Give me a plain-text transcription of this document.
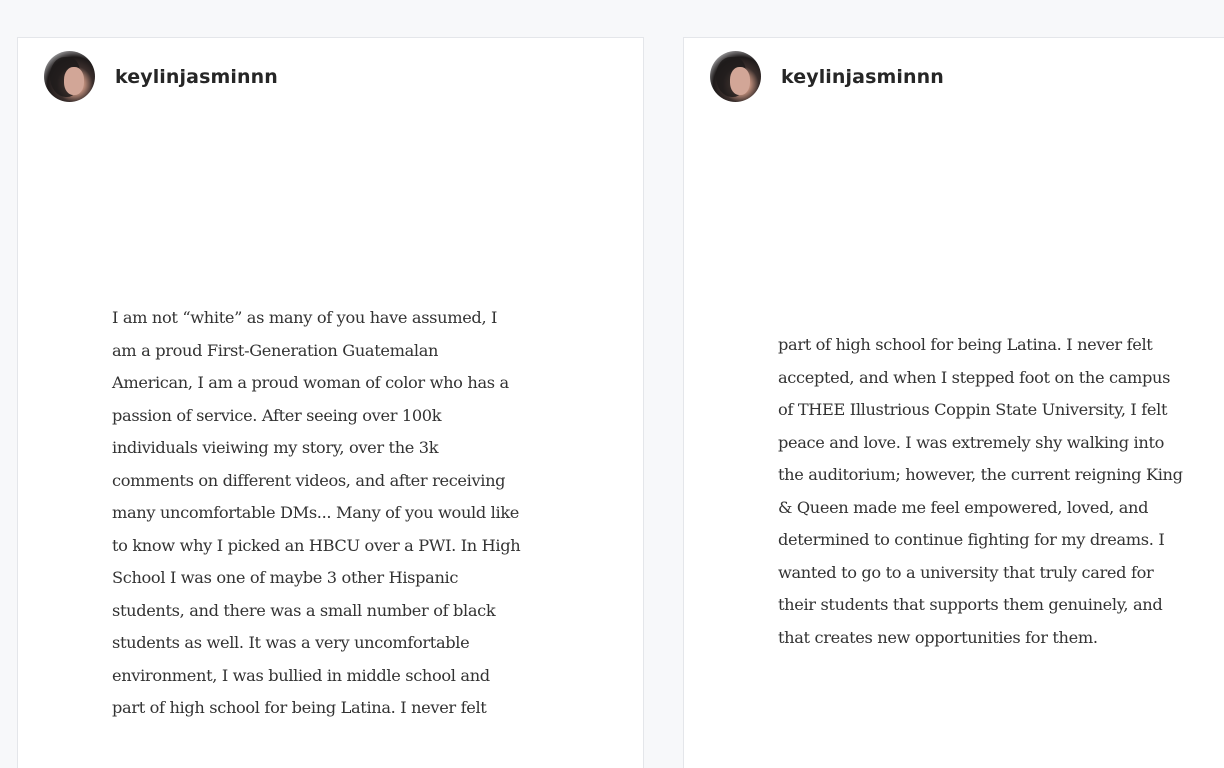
keylinjasminnn
I am not “white” as many of you have assumed, I
am a proud First-Generation Guatemalan
American, I am a proud woman of color who has a
passion of service. After seeing over 100k
individuals vieiwing my story, over the 3k
comments on different videos, and after receiving
many uncomfortable DMs... Many of you would like
to know why I picked an HBCU over a PWI. In High
School I was one of maybe 3 other Hispanic
students, and there was a small number of black
students as well. It was a very uncomfortable
environment, I was bullied in middle school and
part of high school for being Latina. I never felt
keylinjasminnn
part of high school for being Latina. I never felt
accepted, and when I stepped foot on the campus
of THEE Illustrious Coppin State University, I felt
peace and love. I was extremely shy walking into
the auditorium; however, the current reigning King
& Queen made me feel empowered, loved, and
determined to continue fighting for my dreams. I
wanted to go to a university that truly cared for
their students that supports them genuinely, and
that creates new opportunities for them.
